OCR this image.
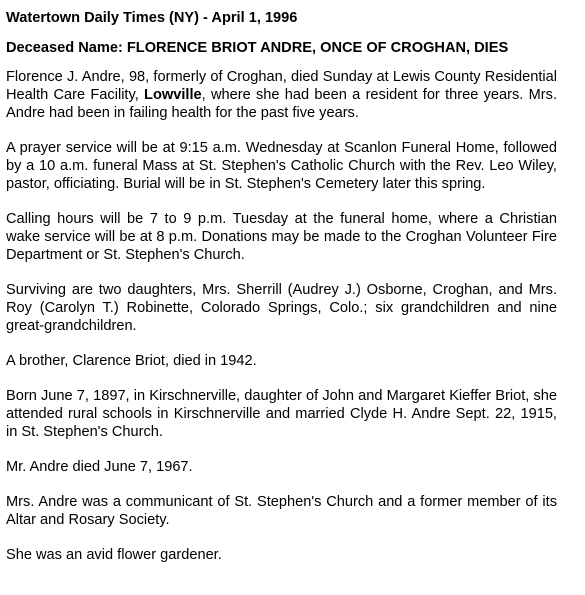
Watertown Daily Times (NY) - April 1, 1996
Deceased Name: FLORENCE BRIOT ANDRE, ONCE OF CROGHAN, DIES

Florence J. Andre, 98, formerly of Croghan, died Sunday at Lewis County Residential Health Care Facility, Lowville, where she had been a resident for three years. Mrs. Andre had been in failing health for the past five years.

A prayer service will be at 9:15 a.m. Wednesday at Scanlon Funeral Home, followed by a 10 a.m. funeral Mass at St. Stephen's Catholic Church with the Rev. Leo Wiley, pastor, officiating. Burial will be in St. Stephen's Cemetery later this spring.

Calling hours will be 7 to 9 p.m. Tuesday at the funeral home, where a Christian wake service will be at 8 p.m. Donations may be made to the Croghan Volunteer Fire Department or St. Stephen's Church.

Surviving are two daughters, Mrs. Sherrill (Audrey J.) Osborne, Croghan, and Mrs. Roy (Carolyn T.) Robinette, Colorado Springs, Colo.; six grandchildren and nine great-grandchildren.

A brother, Clarence Briot, died in 1942.

Born June 7, 1897, in Kirschnerville, daughter of John and Margaret Kieffer Briot, she attended rural schools in Kirschnerville and married Clyde H. Andre Sept. 22, 1915, in St. Stephen's Church.

Mr. Andre died June 7, 1967.

Mrs. Andre was a communicant of St. Stephen's Church and a former member of its Altar and Rosary Society.

She was an avid flower gardener.
